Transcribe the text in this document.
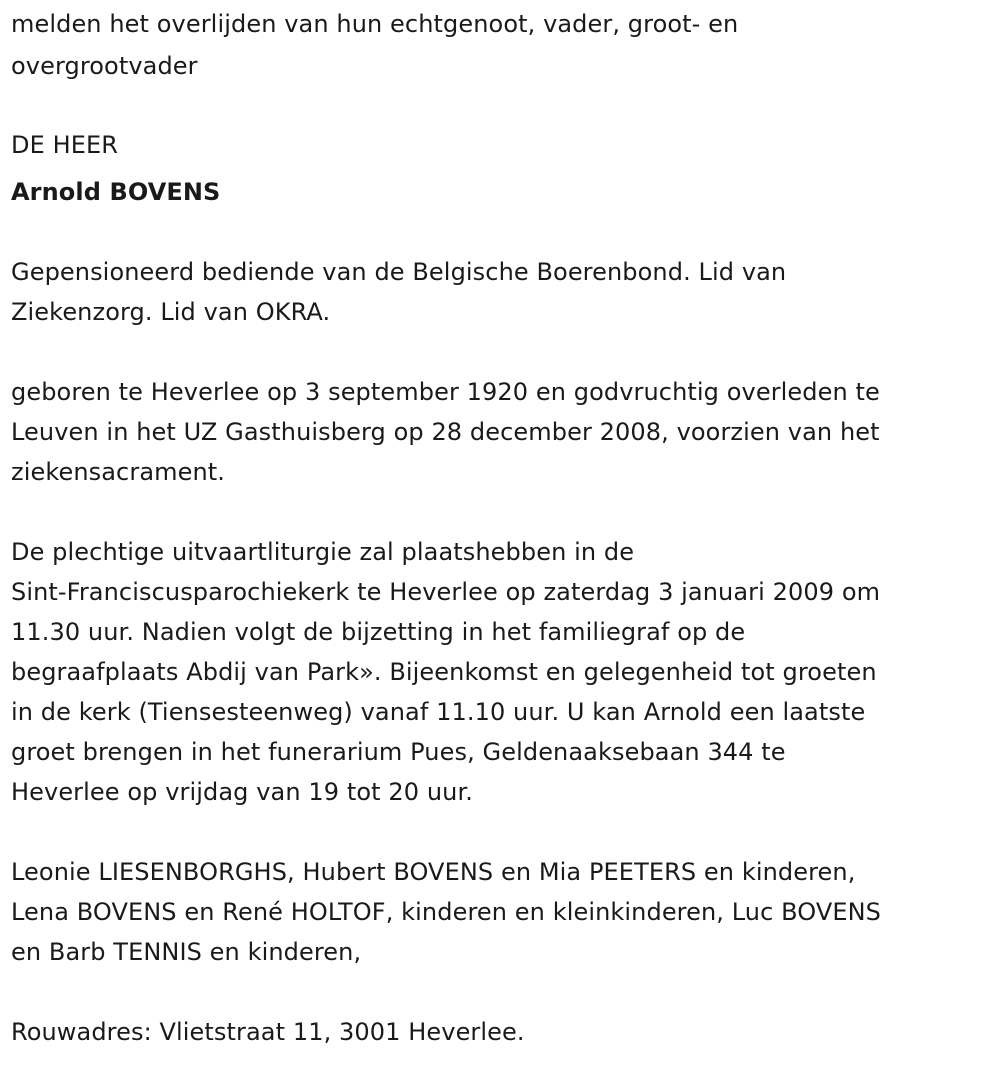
melden het overlijden van hun echtgenoot, vader, groot- en
overgrootvader
DE HEER
Arnold BOVENS
Gepensioneerd bediende van de Belgische Boerenbond. Lid van
Ziekenzorg. Lid van OKRA.
geboren te Heverlee op 3 september 1920 en godvruchtig overleden te
Leuven in het UZ Gasthuisberg op 28 december 2008, voorzien van het
ziekensacrament.
De plechtige uitvaartliturgie zal plaatshebben in de
Sint-Franciscusparochiekerk te Heverlee op zaterdag 3 januari 2009 om
11.30 uur. Nadien volgt de bijzetting in het familiegraf op de
begraafplaats Abdij van Park». Bijeenkomst en gelegenheid tot groeten
in de kerk (Tiensesteenweg) vanaf 11.10 uur. U kan Arnold een laatste
groet brengen in het funerarium Pues, Geldenaaksebaan 344 te
Heverlee op vrijdag van 19 tot 20 uur.
Leonie LIESENBORGHS, Hubert BOVENS en Mia PEETERS en kinderen,
Lena BOVENS en René HOLTOF, kinderen en kleinkinderen, Luc BOVENS
en Barb TENNIS en kinderen,
Rouwadres: Vlietstraat 11, 3001 Heverlee.
